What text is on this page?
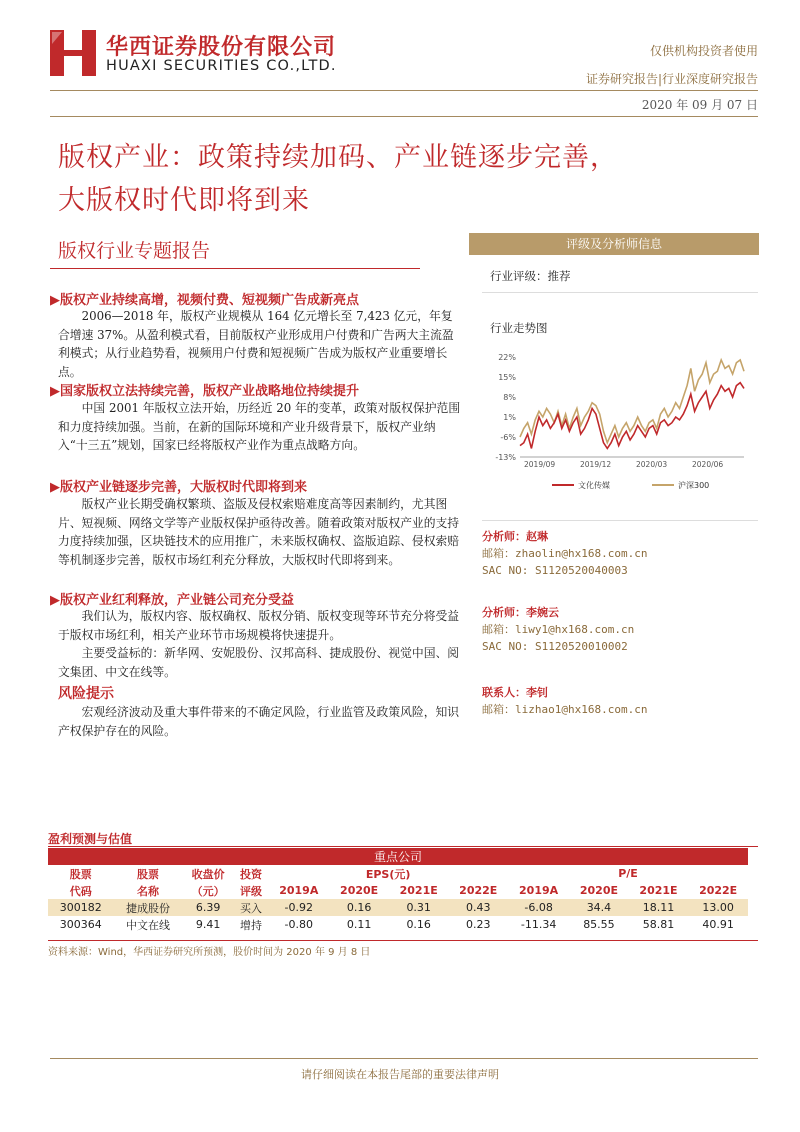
华西证券股份有限公司
HUAXI SECURITIES CO.,LTD.
仅供机构投资者使用
证券研究报告|行业深度研究报告
2020 年 09 月 07 日
版权产业：政策持续加码、产业链逐步完善，
大版权时代即将到来
版权行业专题报告
▶版权产业持续高增，视频付费、短视频广告成新亮点

2006—2018 年，版权产业规模从 164 亿元增长至 7,423 亿元，年复合增速 37%。从盈利模式看，目前版权产业形成用户付费和广告两大主流盈利模式；从行业趋势看，视频用户付费和短视频广告成为版权产业重要增长点。

▶国家版权立法持续完善，版权产业战略地位持续提升

中国 2001 年版权立法开始，历经近 20 年的变革，政策对版权保护范围和力度持续加强。当前，在新的国际环境和产业升级背景下，版权产业纳入“十三五”规划，国家已经将版权产业作为重点战略方向。

▶版权产业链逐步完善，大版权时代即将到来

版权产业长期受确权繁琐、盗版及侵权索赔难度高等因素制约，尤其图片、短视频、网络文学等产业版权保护亟待改善。随着政策对版权产业的支持力度持续加强，区块链技术的应用推广，未来版权确权、盗版追踪、侵权索赔等机制逐步完善，版权市场红利充分释放，大版权时代即将到来。

▶版权产业红利释放，产业链公司充分受益

我们认为，版权内容、版权确权、版权分销、版权变现等环节充分将受益于版权市场红利，相关产业环节市场规模将快速提升。

主要受益标的：新华网、安妮股份、汉邦高科、捷成股份、视觉中国、阅文集团、中文在线等。

风险提示

宏观经济波动及重大事件带来的不确定风险，行业监管及政策风险，知识产权保护存在的风险。

评级及分析师信息
行业评级：推荐
行业走势图
22%
15%
8%
1%
-6%
-13%
2019/09	2019/12	2020/03	2020/06
文化传媒	沪深300
分析师：赵琳
邮箱：zhaolin@hx168.com.cn
SAC NO: S1120520040003
分析师：李婉云
邮箱：liwy1@hx168.com.cn
SAC NO: S1120520010002
联系人：李钊
邮箱：lizhao1@hx168.com.cn
盈利预测与估值
重点公司											
股票	股票	收盘价	投资	EPS(元)				P/E			
代码	名称	（元）	评级	2019A	2020E	2021E	2022E	2019A	2020E	2021E	2022E
300182	捷成股份	6.39	买入	-0.92	0.16	0.31	0.43	-6.08	34.4	18.11	13.00
300364	中文在线	9.41	增持	-0.80	0.11	0.16	0.23	-11.34	85.55	58.81	40.91
资料来源：Wind，华西证券研究所预测，股价时间为 2020 年 9 月 8 日
请仔细阅读在本报告尾部的重要法律声明
